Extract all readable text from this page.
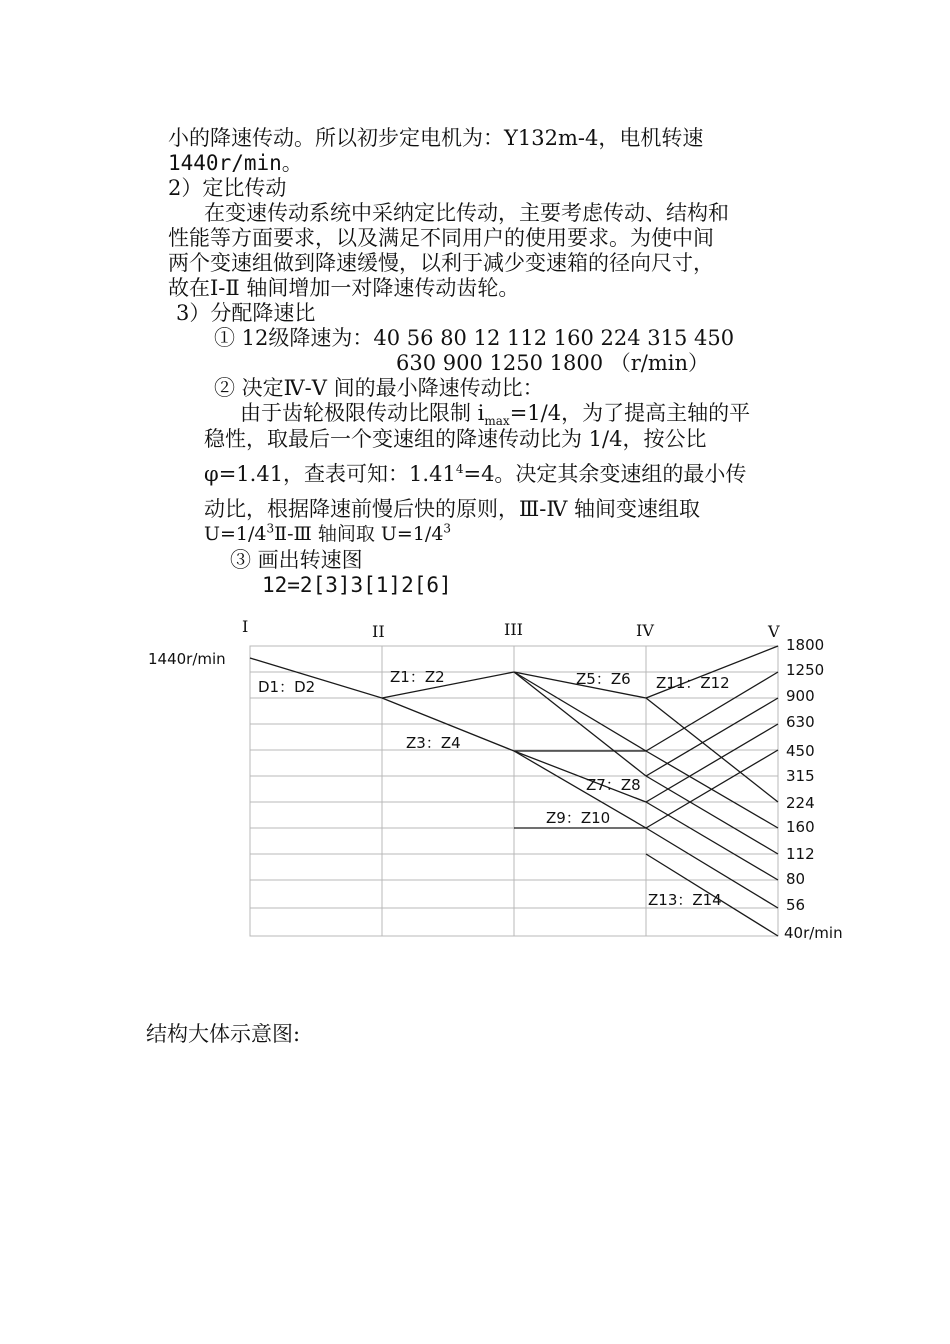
小的降速传动。所以初步定电机为：Y132m-4，电机转速
1440r/min。
2）定比传动
在变速传动系统中采纳定比传动，主要考虑传动、结构和
性能等方面要求，以及满足不同用户的使用要求。为使中间
两个变速组做到降速缓慢，以利于减少变速箱的径向尺寸，
故在Ⅰ-Ⅱ 轴间增加一对降速传动齿轮。
3）分配降速比
① 12级降速为：40 56 80 12 112 160 224 315 450
630 900 1250 1800 （r/min）
② 决定Ⅳ-Ⅴ 间的最小降速传动比：
由于齿轮极限传动比限制 $i_{max}=1/4$，为了提高主轴的平
稳性，取最后一个变速组的降速传动比为 1/4，按公比
φ=1.41，查表可知：$1.41^4=4$。决定其余变速组的最小传
动比，根据降速前慢后快的原则，Ⅲ-Ⅳ 轴间变速组取
$U=1/4^3Ⅱ-Ⅲ$ 轴间取 $U=1/4^3$
③ 画出转速图
12=2[3]3[1]2[6]
I	II	III	IV	V
1440r/min
1800
1250
900
630
450
315
224
160
112
80
56
40r/min
D1：D2
Z1：Z2
Z3：Z4
Z5：Z6 Z11：Z12
Z7：Z8
Z9：Z10
Z13：Z14
结构大体示意图:
